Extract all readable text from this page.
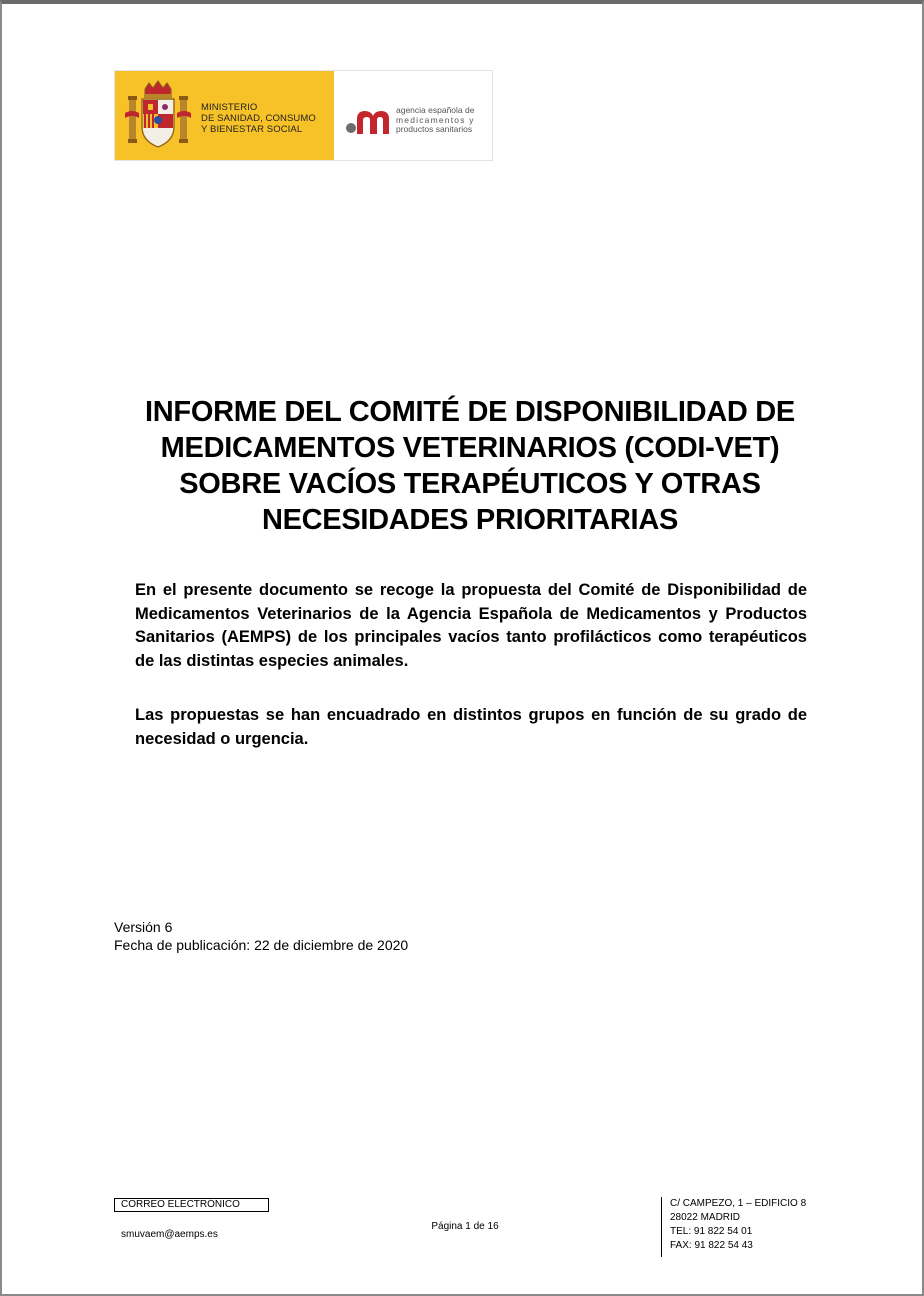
MINISTERIO
DE SANIDAD, CONSUMO
Y BIENESTAR SOCIAL
agencia española de
medicamentos y
productos sanitarios
INFORME DEL COMITÉ DE DISPONIBILIDAD DE
MEDICAMENTOS VETERINARIOS (CODI-VET)
SOBRE VACÍOS TERAPÉUTICOS Y OTRAS
NECESIDADES PRIORITARIAS
En el presente documento se recoge la propuesta del Comité de Disponibilidad de Medicamentos Veterinarios de la Agencia Española de Medicamentos y Productos Sanitarios (AEMPS) de los principales vacíos tanto profilácticos como terapéuticos de las distintas especies animales.
Las propuestas se han encuadrado en distintos grupos en función de su grado de necesidad o urgencia.
Versión 6
Fecha de publicación: 22 de diciembre de 2020
CORREO ELECTRÓNICO
smuvaem@aemps.es
Página 1 de 16
C/ CAMPEZO, 1 – EDIFICIO 8
28022 MADRID
TEL: 91 822 54 01
FAX: 91 822 54 43
